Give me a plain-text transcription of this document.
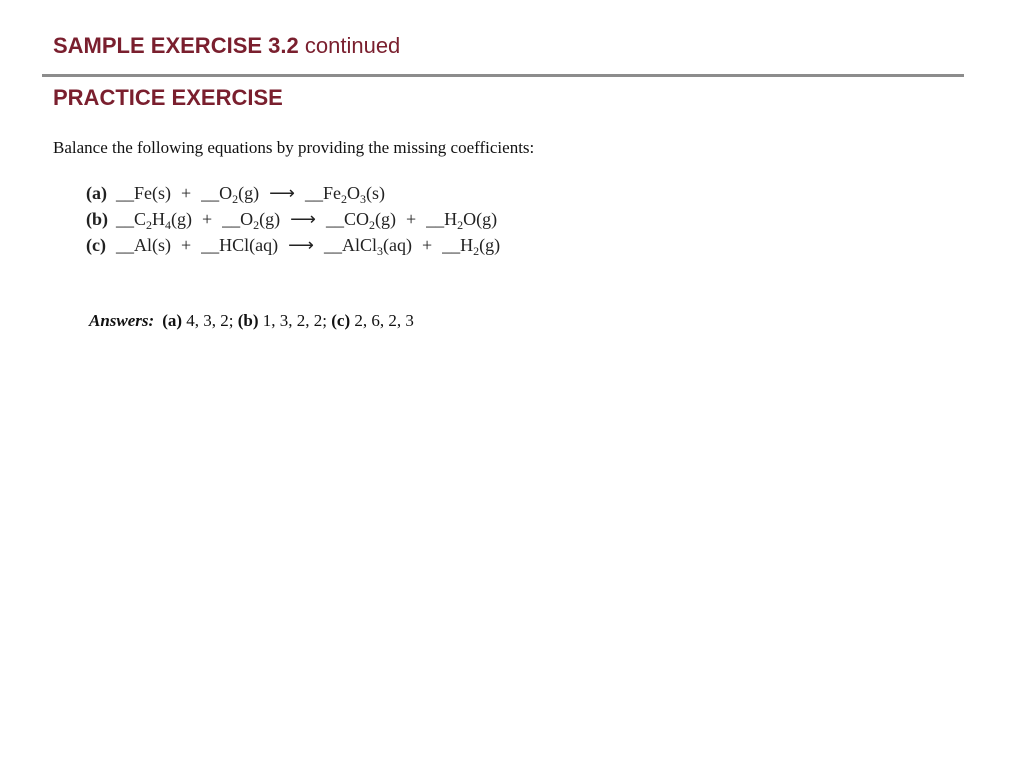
SAMPLE EXERCISE 3.2 continued
PRACTICE EXERCISE

Balance the following equations by providing the missing coefficients:

(a) __Fe(s) + $\_\_O_2(g)$ ⟶ $\_\_Fe_2O_3(s)$
(b) $\_\_C_2H_4(g)$ + $\_\_O_2(g)$ ⟶ $\_\_CO_2(g)$ + $\_\_H_2O(g)$
(c) __Al(s) + __HCl(aq) ⟶ __AlCl$_3$(aq) + $\_\_H_2(g)$

Answers: (a) 4, 3, 2; (b) 1, 3, 2, 2; (c) 2, 6, 2, 3
